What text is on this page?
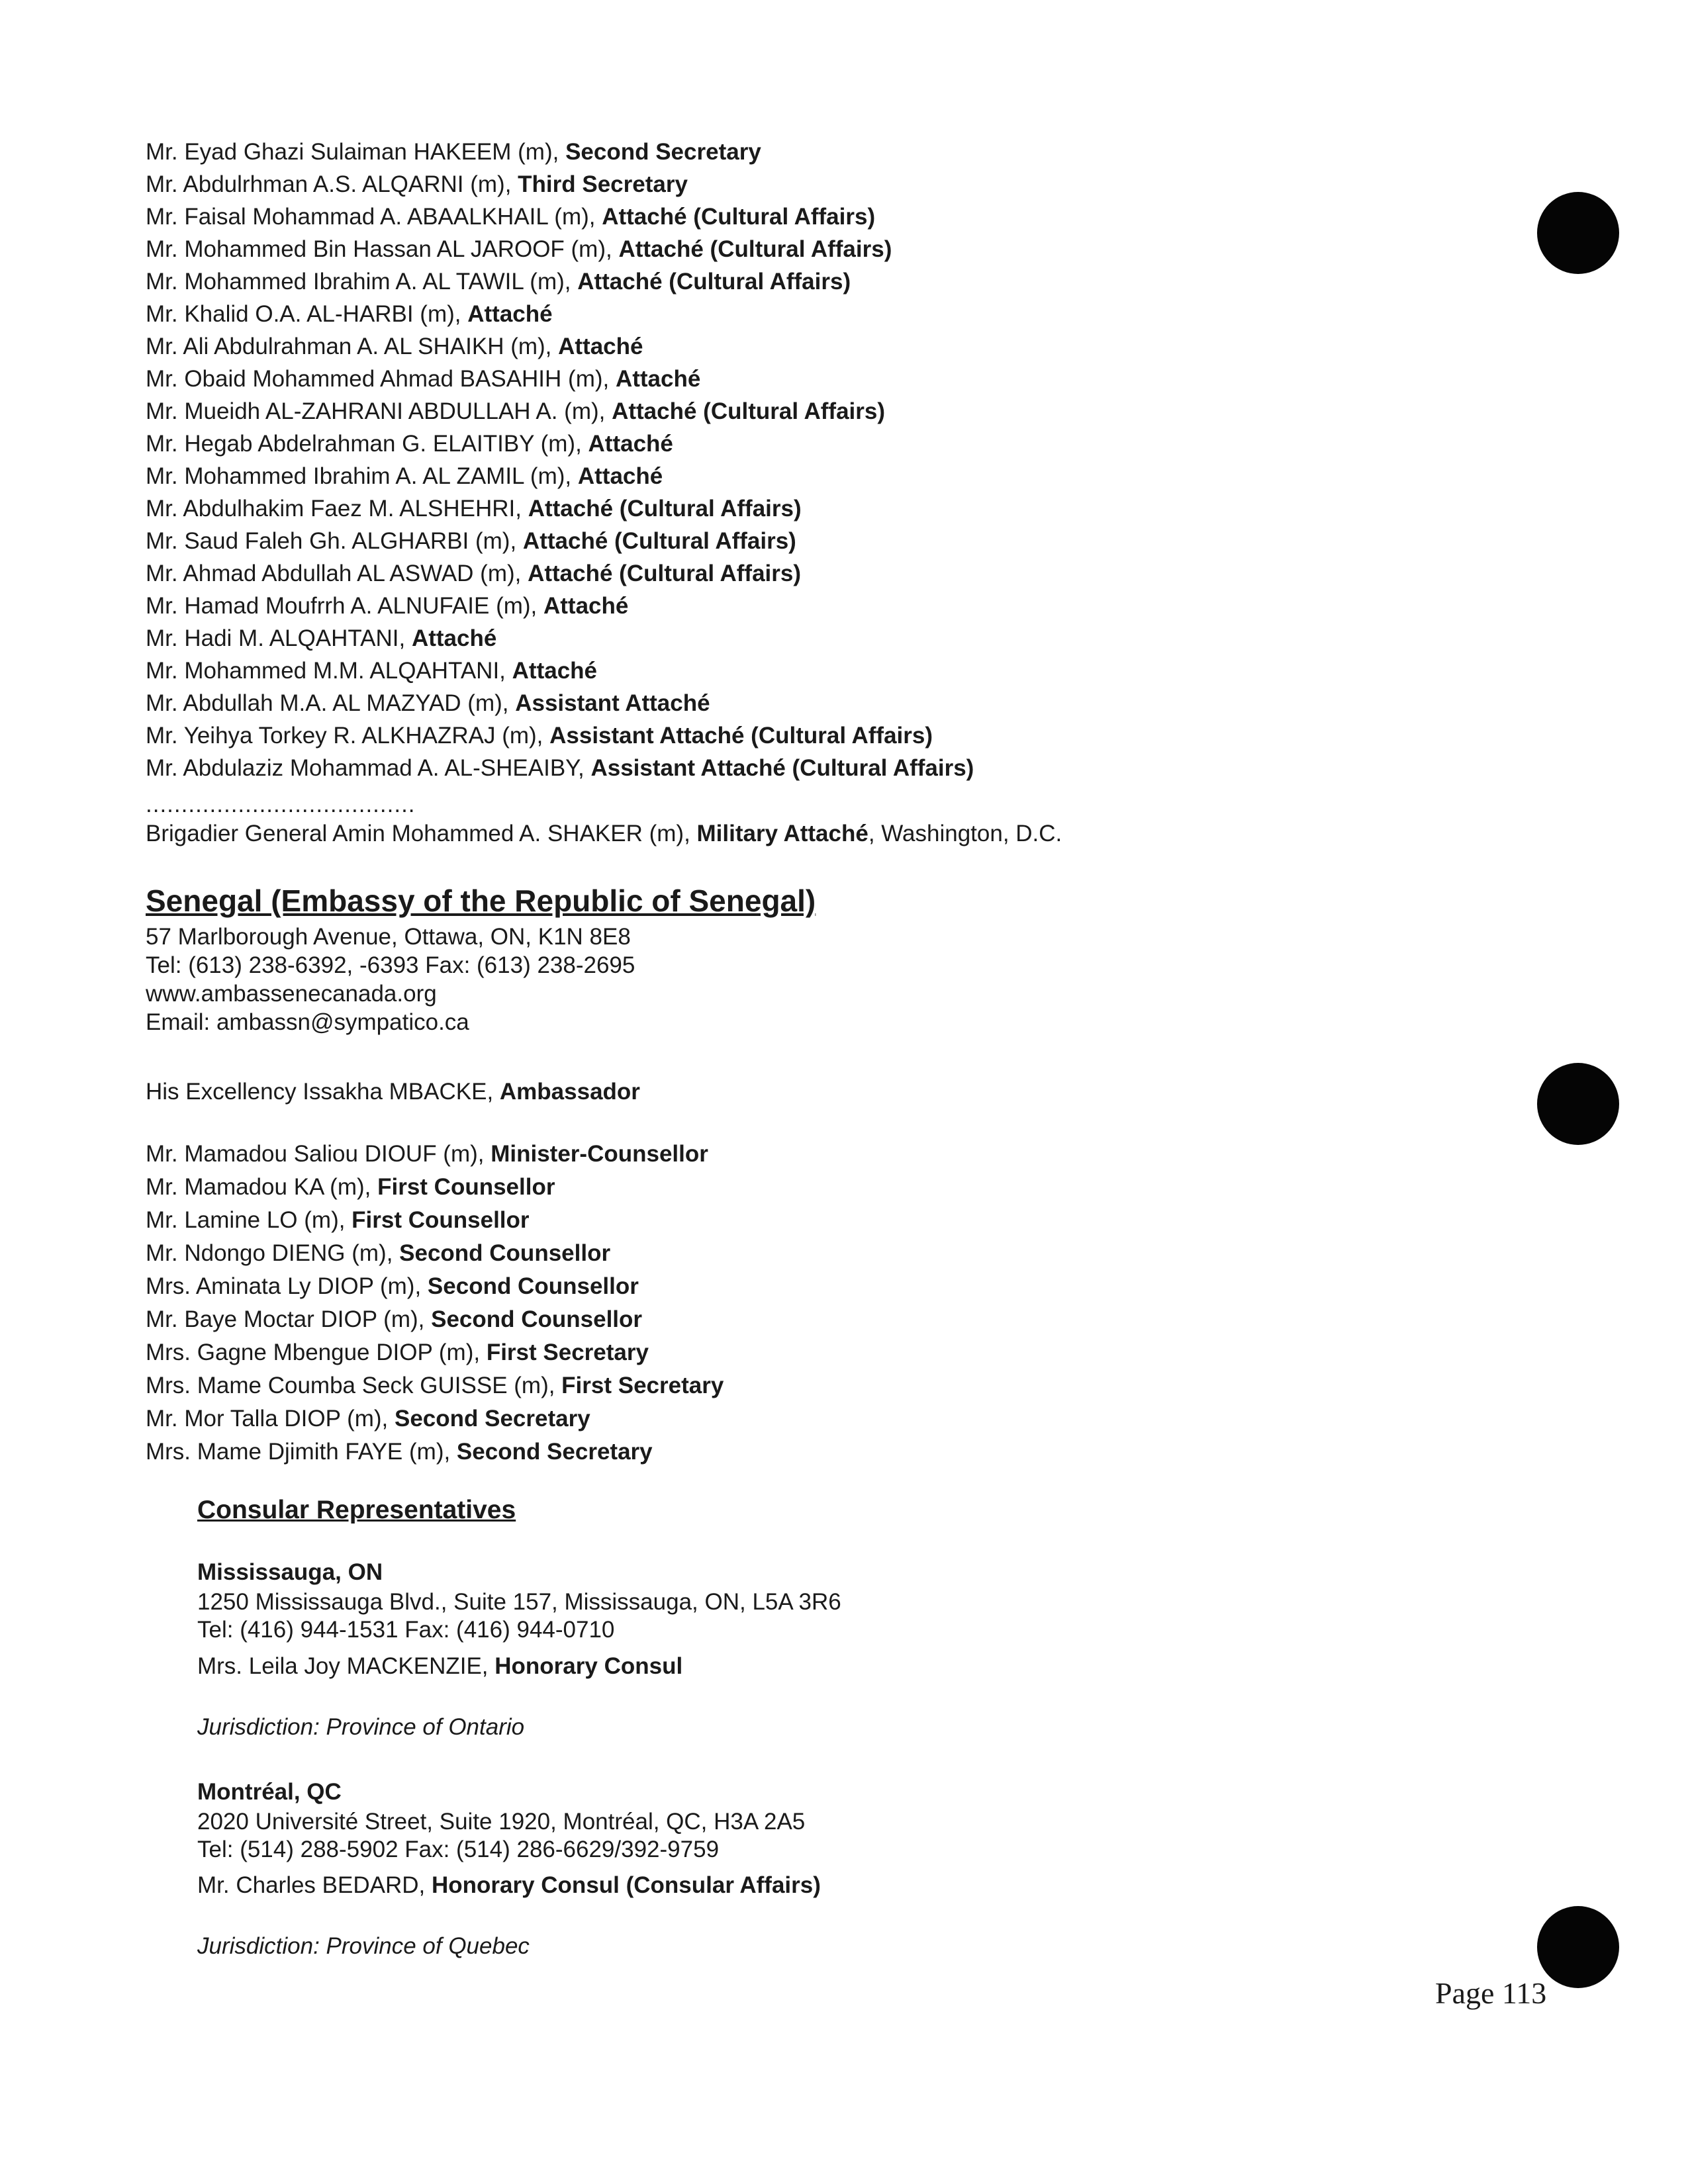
Mr. Eyad Ghazi Sulaiman HAKEEM (m), Second Secretary
Mr. Abdulrhman A.S. ALQARNI (m), Third Secretary
Mr. Faisal Mohammad A. ABAALKHAIL (m), Attaché (Cultural Affairs)
Mr. Mohammed Bin Hassan AL JAROOF (m), Attaché (Cultural Affairs)
Mr. Mohammed Ibrahim A. AL TAWIL (m), Attaché (Cultural Affairs)
Mr. Khalid O.A. AL-HARBI (m), Attaché
Mr. Ali Abdulrahman A. AL SHAIKH (m), Attaché
Mr. Obaid Mohammed Ahmad BASAHIH (m), Attaché
Mr. Mueidh AL-ZAHRANI ABDULLAH A. (m), Attaché (Cultural Affairs)
Mr. Hegab Abdelrahman G. ELAITIBY (m), Attaché
Mr. Mohammed Ibrahim A. AL ZAMIL (m), Attaché
Mr. Abdulhakim Faez M. ALSHEHRI, Attaché (Cultural Affairs)
Mr. Saud Faleh Gh. ALGHARBI (m), Attaché (Cultural Affairs)
Mr. Ahmad Abdullah AL ASWAD (m), Attaché (Cultural Affairs)
Mr. Hamad Moufrrh A. ALNUFAIE (m), Attaché
Mr. Hadi M. ALQAHTANI, Attaché
Mr. Mohammed M.M. ALQAHTANI, Attaché
Mr. Abdullah M.A. AL MAZYAD (m), Assistant Attaché
Mr. Yeihya Torkey R. ALKHAZRAJ (m), Assistant Attaché (Cultural Affairs)
Mr. Abdulaziz Mohammad A. AL-SHEAIBY, Assistant Attaché (Cultural Affairs)
......................................
Brigadier General Amin Mohammed A. SHAKER (m), Military Attaché, Washington, D.C.
Senegal (Embassy of the Republic of Senegal)
57 Marlborough Avenue, Ottawa, ON, K1N 8E8
Tel: (613) 238-6392, -6393 Fax: (613) 238-2695
www.ambassenecanada.org
Email: ambassn@sympatico.ca
His Excellency Issakha MBACKE, Ambassador
Mr. Mamadou Saliou DIOUF (m), Minister-Counsellor
Mr. Mamadou KA (m), First Counsellor
Mr. Lamine LO (m), First Counsellor
Mr. Ndongo DIENG (m), Second Counsellor
Mrs. Aminata Ly DIOP (m), Second Counsellor
Mr. Baye Moctar DIOP (m), Second Counsellor
Mrs. Gagne Mbengue DIOP (m), First Secretary
Mrs. Mame Coumba Seck GUISSE (m), First Secretary
Mr. Mor Talla DIOP (m), Second Secretary
Mrs. Mame Djimith FAYE (m), Second Secretary
Consular Representatives
Mississauga, ON
1250 Mississauga Blvd., Suite 157, Mississauga, ON, L5A 3R6
Tel: (416) 944-1531 Fax: (416) 944-0710
Mrs. Leila Joy MACKENZIE, Honorary Consul
Jurisdiction: Province of Ontario
Montréal, QC
2020 Université Street, Suite 1920, Montréal, QC, H3A 2A5
Tel: (514) 288-5902 Fax: (514) 286-6629/392-9759
Mr. Charles BEDARD, Honorary Consul (Consular Affairs)
Jurisdiction: Province of Quebec
Page 113
